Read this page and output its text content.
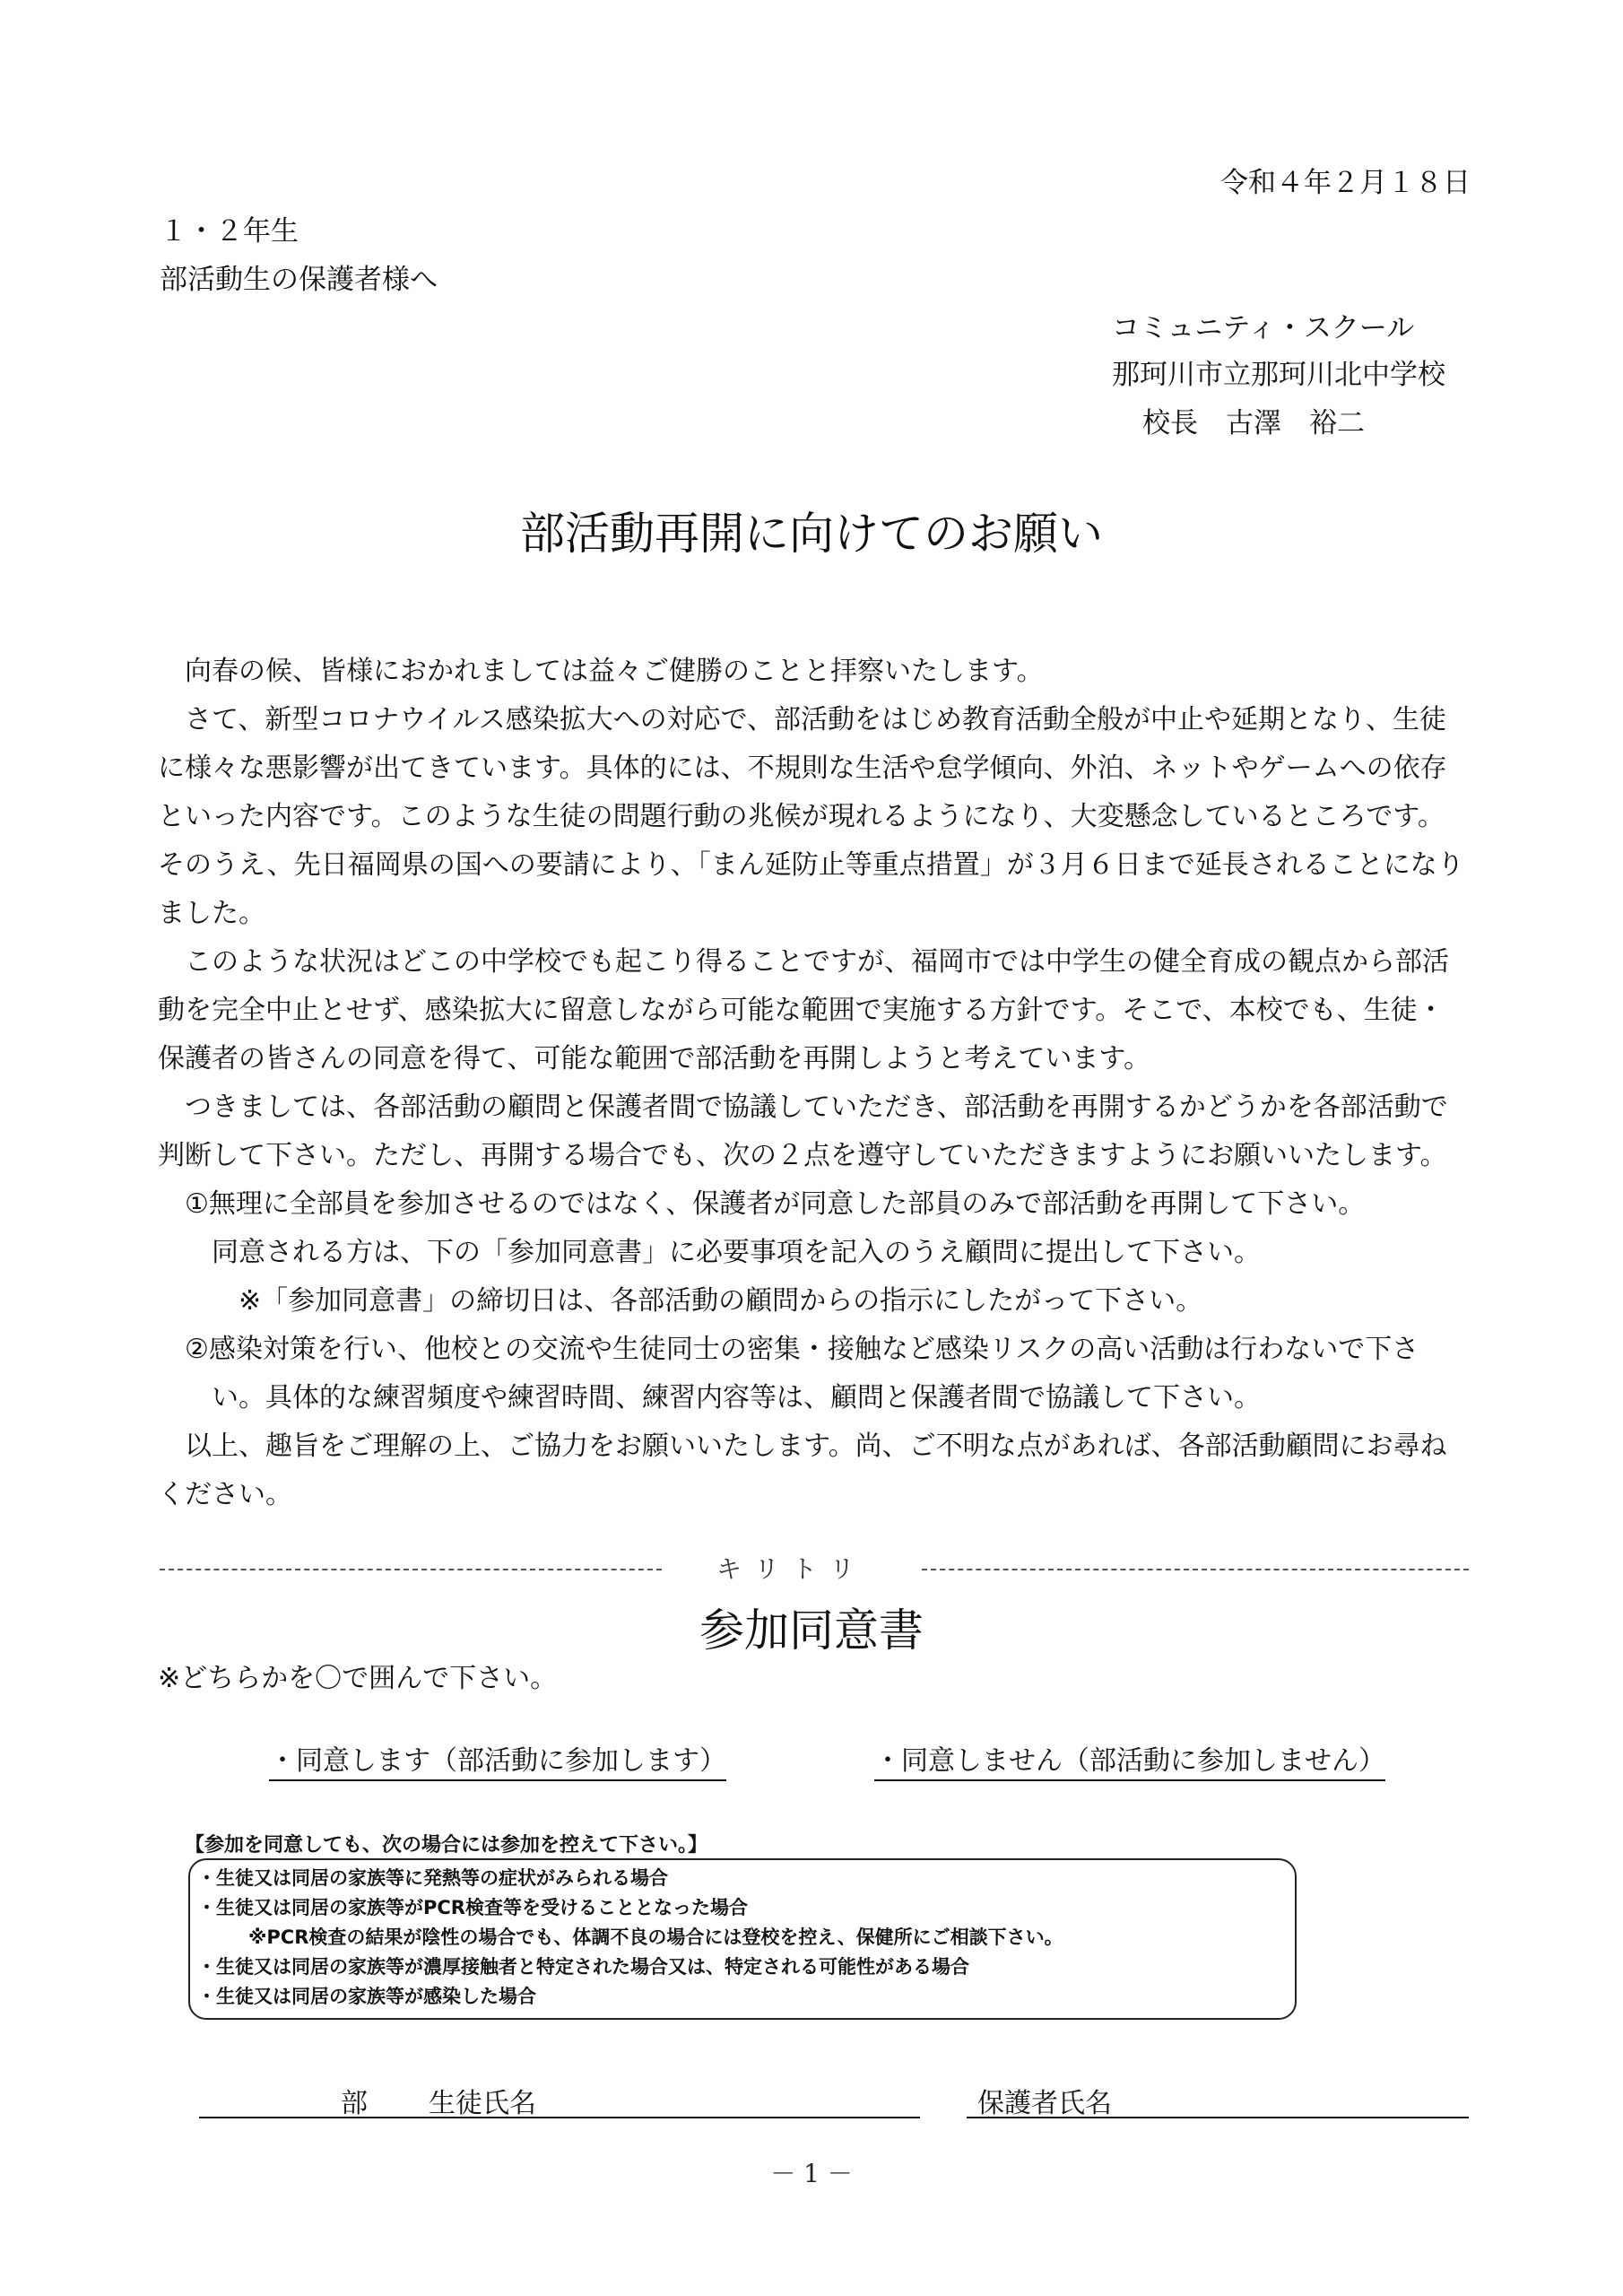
令和４年２月１８日
１・２年生
部活動生の保護者様へ
コミュニティ・スクール
那珂川市立那珂川北中学校
校長　古澤　裕二
部活動再開に向けてのお願い

向春の候、皆様におかれましては益々ご健勝のことと拝察いたします。

さて、新型コロナウイルス感染拡大への対応で、部活動をはじめ教育活動全般が中止や延期となり、生徒に様々な悪影響が出てきています。具体的には、不規則な生活や怠学傾向、外泊、ネットやゲームへの依存といった内容です。このような生徒の問題行動の兆候が現れるようになり、大変懸念しているところです。そのうえ、先日福岡県の国への要請により、「まん延防止等重点措置」が３月６日まで延長されることになりました。

このような状況はどこの中学校でも起こり得ることですが、福岡市では中学生の健全育成の観点から部活動を完全中止とせず、感染拡大に留意しながら可能な範囲で実施する方針です。そこで、本校でも、生徒・保護者の皆さんの同意を得て、可能な範囲で部活動を再開しようと考えています。

つきましては、各部活動の顧問と保護者間で協議していただき、部活動を再開するかどうかを各部活動で判断して下さい。ただし、再開する場合でも、次の２点を遵守していただきますようにお願いいたします。

①無理に全部員を参加させるのではなく、保護者が同意した部員のみで部活動を再開して下さい。

同意される方は、下の「参加同意書」に必要事項を記入のうえ顧問に提出して下さい。

※「参加同意書」の締切日は、各部活動の顧問からの指示にしたがって下さい。

②感染対策を行い、他校との交流や生徒同士の密集・接触など感染リスクの高い活動は行わないで下さい。具体的な練習頻度や練習時間、練習内容等は、顧問と保護者間で協議して下さい。

以上、趣旨をご理解の上、ご協力をお願いいたします。尚、ご不明な点があれば、各部活動顧問にお尋ねください。

キリトリ
参加同意書
※どちらかを〇で囲んで下さい。
・同意します（部活動に参加します）	・同意しません（部活動に参加しません）
【参加を同意しても、次の場合には参加を控えて下さい。】
・生徒又は同居の家族等に発熱等の症状がみられる場合
・生徒又は同居の家族等がPCR検査等を受けることとなった場合
※PCR検査の結果が陰性の場合でも、体調不良の場合には登校を控え、保健所にご相談下さい。
・生徒又は同居の家族等が濃厚接触者と特定された場合又は、特定される可能性がある場合
・生徒又は同居の家族等が感染した場合
部 生徒氏名	保護者氏名
－ 1 －
